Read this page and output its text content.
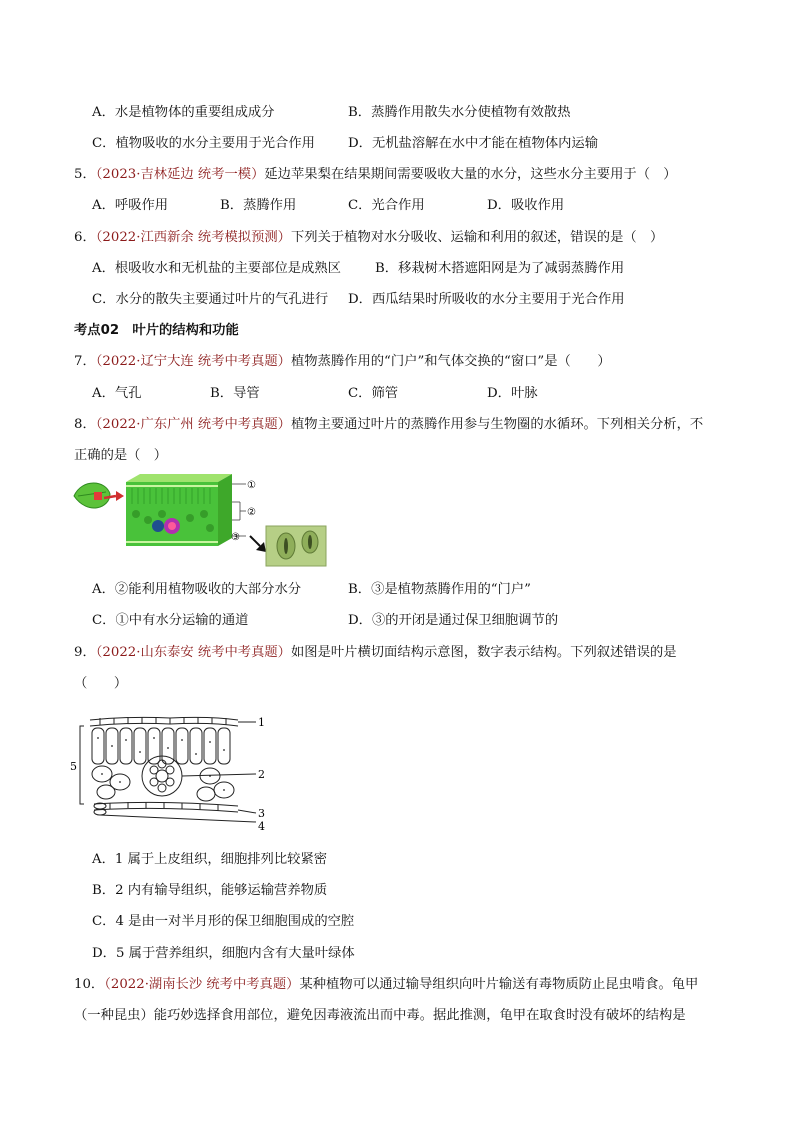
A．水是植物体的重要组成成分	B．蒸腾作用散失水分使植物有效散热
C．植物吸收的水分主要用于光合作用 D．无机盐溶解在水中才能在植物体内运输
5．（2023·吉林延边 统考一模）延边苹果梨在结果期间需要吸收大量的水分，这些水分主要用于（　）
A．呼吸作用	B．蒸腾作用	C．光合作用	D．吸收作用
6．（2022·江西新余 统考模拟预测）下列关于植物对水分吸收、运输和利用的叙述，错误的是（　）
A．根吸收水和无机盐的主要部位是成熟区	B．移栽树木搭遮阳网是为了减弱蒸腾作用
C．水分的散失主要通过叶片的气孔进行 D．西瓜结果时所吸收的水分主要用于光合作用
考点02　叶片的结构和功能
7．（2022·辽宁大连 统考中考真题）植物蒸腾作用的“门户”和气体交换的“窗口”是（　　）
A．气孔	B．导管	C．筛管	D．叶脉
8．（2022·广东广州 统考中考真题）植物主要通过叶片的蒸腾作用参与生物圈的水循环。下列相关分析，不
正确的是（　）
①
②
③
A．②能利用植物吸收的大部分水分	B．③是植物蒸腾作用的“门户”
C．①中有水分运输的通道	D．③的开闭是通过保卫细胞调节的
9．（2022·山东泰安 统考中考真题）如图是叶片横切面结构示意图，数字表示结构。下列叙述错误的是
（　　）
1
2
3
4
5
A．1 属于上皮组织，细胞排列比较紧密
B．2 内有输导组织，能够运输营养物质
C．4 是由一对半月形的保卫细胞围成的空腔
D．5 属于营养组织，细胞内含有大量叶绿体
10．（2022·湖南长沙 统考中考真题）某种植物可以通过输导组织向叶片输送有毒物质防止昆虫啃食。龟甲
（一种昆虫）能巧妙选择食用部位，避免因毒液流出而中毒。据此推测，龟甲在取食时没有破坏的结构是
